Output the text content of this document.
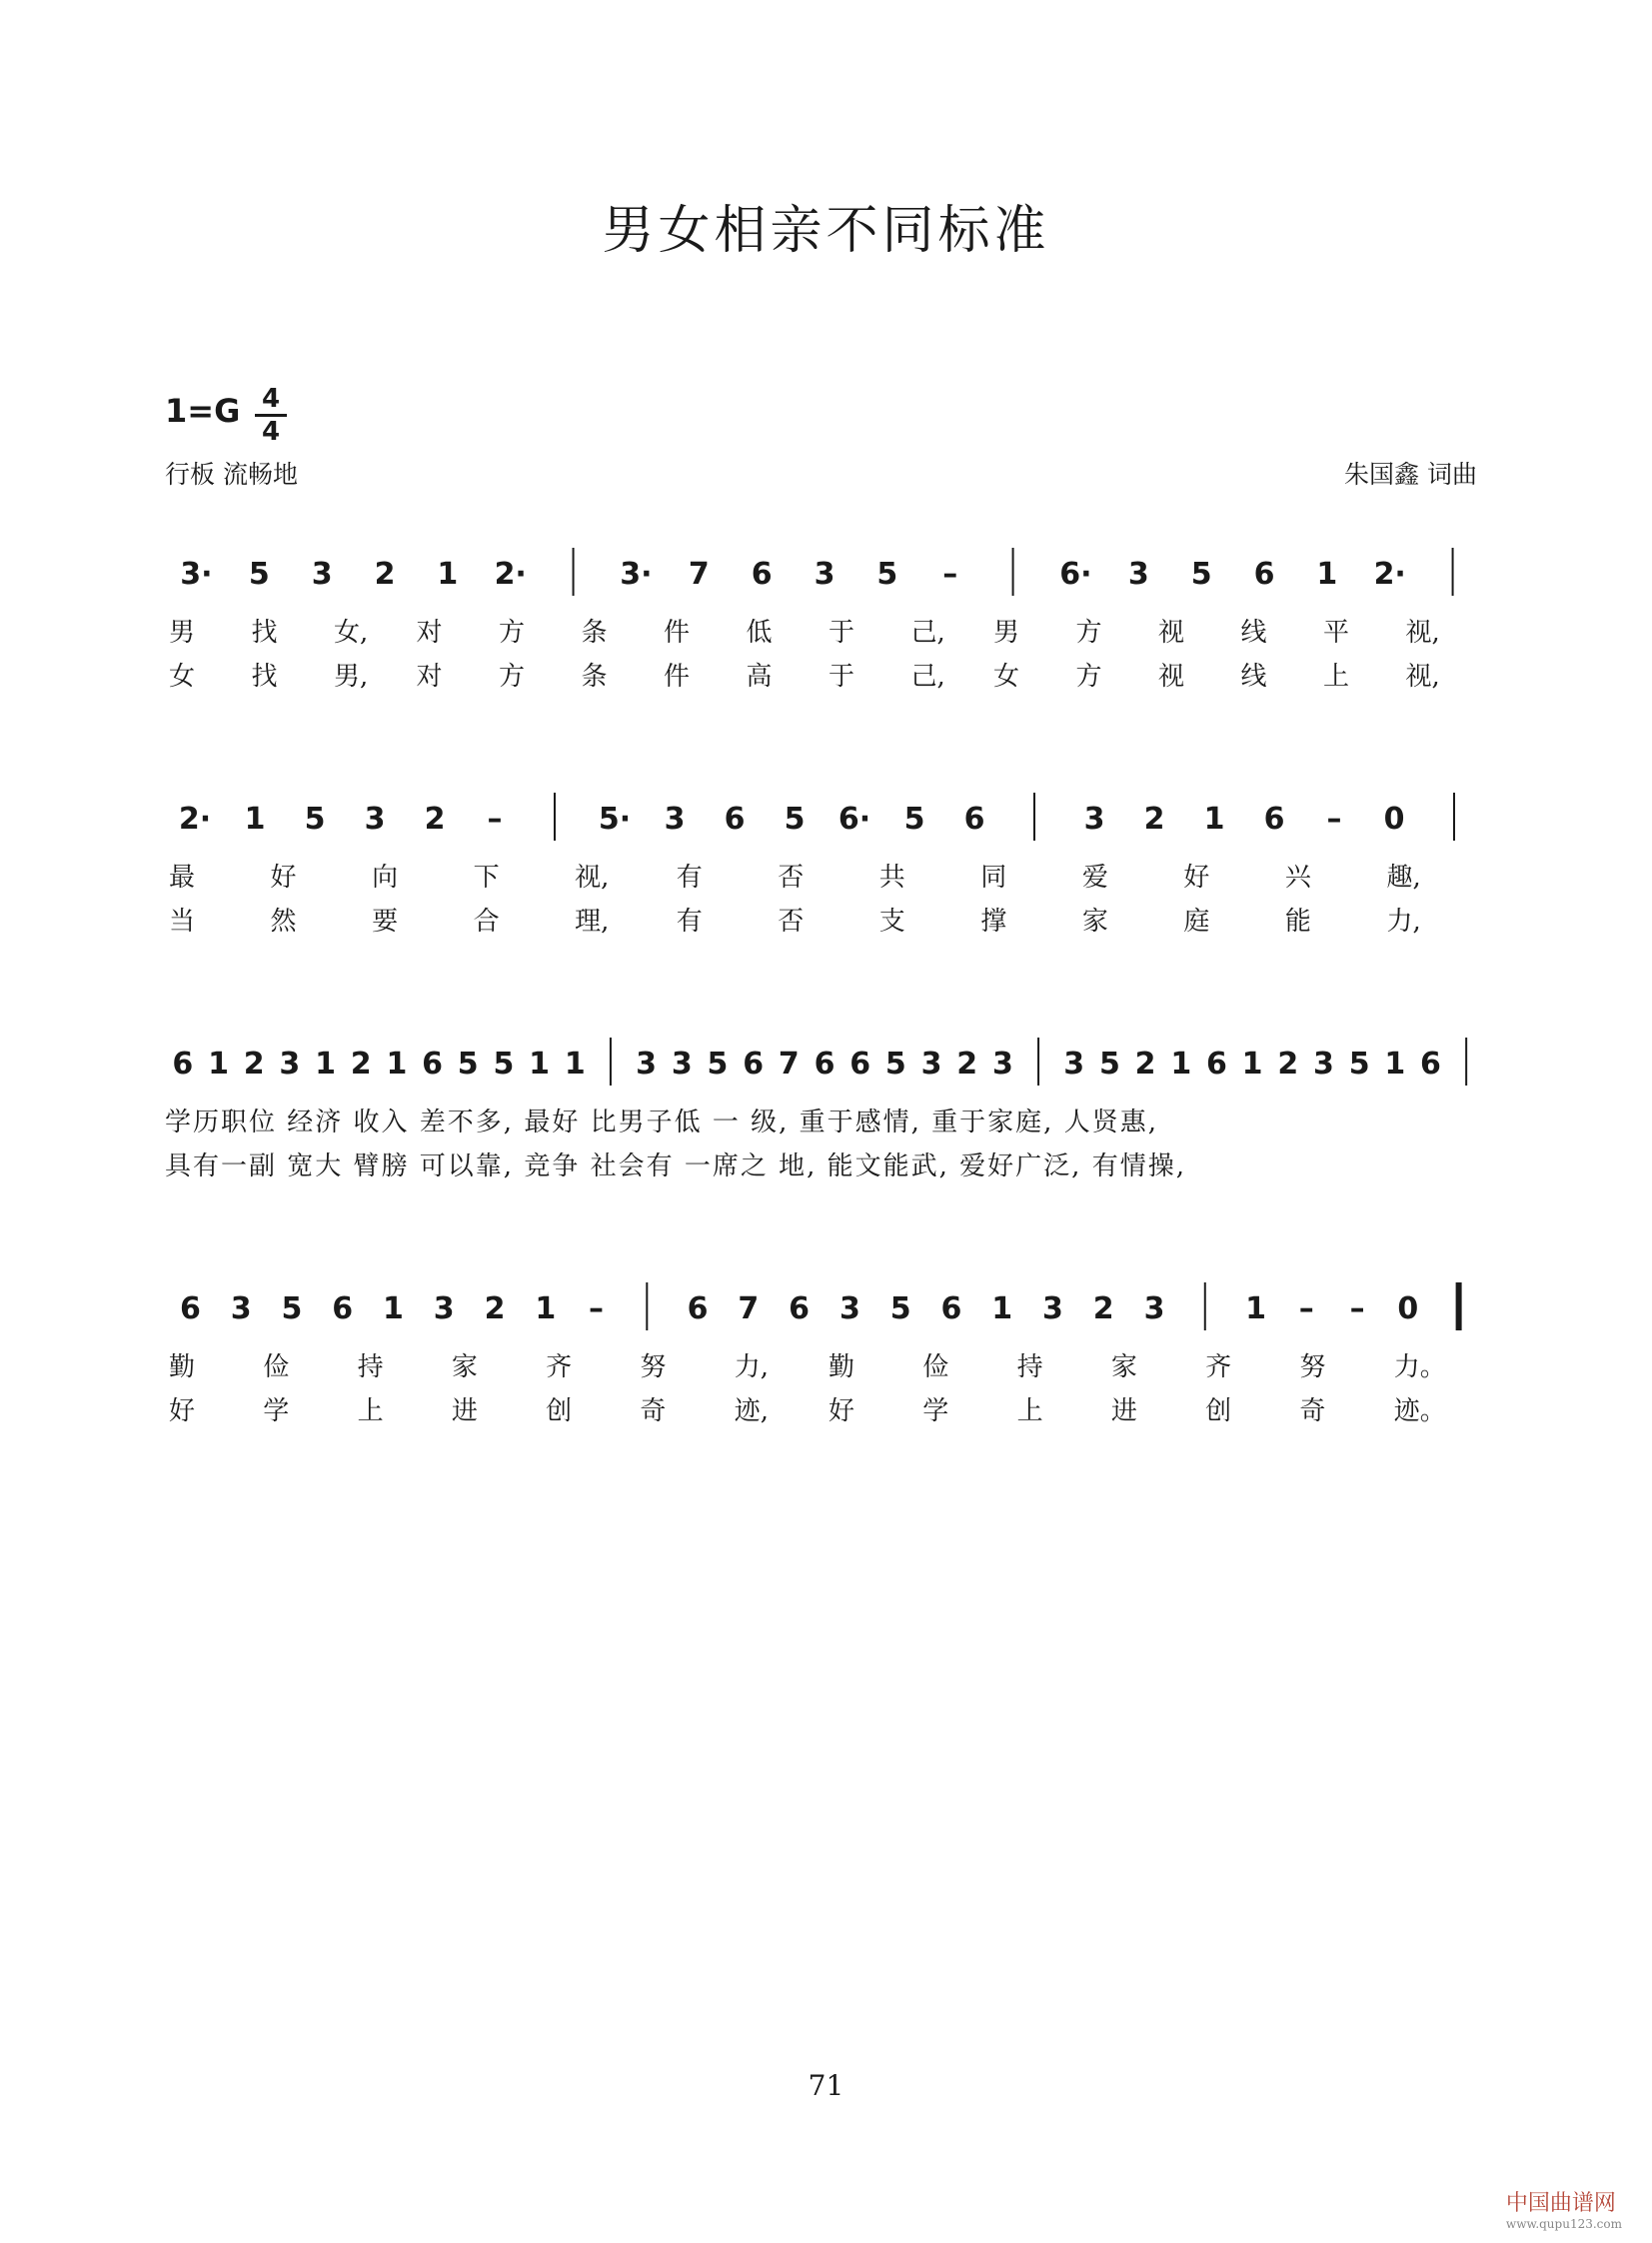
男女相亲不同标准
1=G 4
4
行板 流畅地	朱国鑫 词曲
3· 5 3 2 1 2·	3· 7 6 3 5 –	6· 3 5 6 1 2·
男 找 女, 对 方 条 件 低 于 己, 男 方 视 线 平 视,
女 找 男, 对 方 条 件 高 于 己, 女 方 视 线 上 视,
2· 1 5 3 2 –	5· 3 6 5 6· 5 6	3 2 1 6 – 0
最	好	向	下	视,	有	否	共	同	爱	好	兴	趣,
当	然	要	合	理,	有	否	支	撑	家	庭	能	力,
6 1 2 3 1 2 1 6 5 5 1 1 3 3 5 6 7 6 6 5 3 2 3 3 5 2 1 6 1 2 3 5 1 6
学历职位 经济 收入 差不多, 最好 比男子低 一 级, 重于感情, 重于家庭, 人贤惠,
具有一副 宽大 臂膀 可以靠, 竞争 社会有 一席之 地, 能文能武, 爱好广泛, 有情操,
6 3 5 6 1 3 2 1 –	6 7 6 3 5 6 1 3 2 3	1 – – 0
勤	俭	持	家	齐	努	力, 勤	俭	持	家	齐	努	力。
好	学	上	进	创	奇	迹, 好	学	上	进	创	奇	迹。
71
中国曲谱网
www.qupu123.com
